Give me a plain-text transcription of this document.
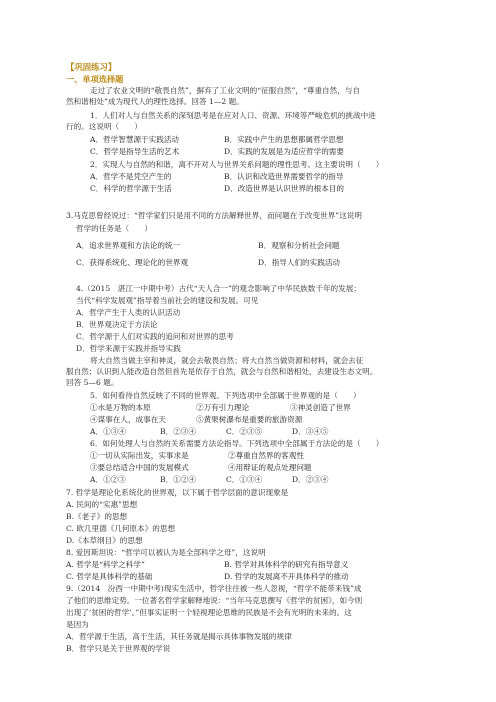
【巩固练习】
一、单项选择题
走过了农业文明的“敬畏自然”，摒弃了工业文明的“征服自然”，“尊重自然，与自
然和谐相处”成为现代人的理性选择。回答 1—2 题。
1．人们对人与自然关系的深刻思考是在应对人口、资源、环境等严峻危机的挑战中进
行的。这说明（　　）
A．哲学智慧源于实践活动	B．实践中产生的思想都属哲学思想
C．哲学是指导生活的艺术	D．实践的发展是为适应哲学的需要
2．实现人与自然的和谐，离不开对人与世界关系问题的理性思考。这主要说明（　　）
A．哲学不是凭空产生的	B．认识和改造世界需要哲学的指导
C．科学的哲学源于生活	D．改造世界是认识世界的根本目的
3.马克思曾经说过：“哲学家们只是用不同的方法解释世界，而问题在于改变世界”这说明
哲学的任务是（　　）
A．追求世界观和方法论的统一	B．观察和分析社会问题
C．获得系统化、理论化的世界观	D．指导人们的实践活动
4.（2015　湛江一中期中考）古代“天人合一”的观念影响了中华民族数千年的发展；
当代“科学发展观”指导着当前社会的建设和发展。可见
A．哲学产生于人类的认识活动
B．世界观决定于方法论
C．哲学源于人们对实践的追问和对世界的思考
D．哲学来源于实践并指导实践
将大自然当做主宰和神灵，就会去敬畏自然；将大自然当做资源和材料，就会去征
服自然；认识到人能改造自然但首先是依存于自然，就会与自然和谐相处，去建设生态文明。
回答 5—6 题。
5．如何看待自然反映了不同的世界观。下列选项中全部属于世界观的是（　　）
①水是万物的本原	②万有引力理论	③神灵创造了世界
④谋事在人，成事在天	⑤黄果树瀑布是重要的旅游资源
A．①③④	B．②③④	C．②③⑤	D．③④⑤
6．如何处理人与自然的关系需要方法论指导。下列选项中全部属于方法论的是（　　）
①一切从实际出发，实事求是	②尊重自然界的客观性
③要总结适合中国的发展模式	④用辩证的观点处理问题
A．①②③	B．①②④	C．①③④	D．②③④
7. 哲学是理论化系统化的世界观，以下属于哲学层面的意识现象是
A. 民间的“实惠”思想
B.《老子》的思想
C. 欧几里德《几何原本》的思想
D.《本草纲目》的思想
8. 爱因斯坦说：“哲学可以被认为是全部科学之母”，这说明
A. 哲学是“科学之科学”	B. 哲学对具体科学的研究有指导意义
C. 哲学是具体科学的基础	D. 哲学的发展离不开具体科学的推动
9.（2014　汾西一中期中考)现实生活中，哲学往往被一些人忽视，“哲学不能带来钱”成
了他们的思维定势。一位著名哲学家解释地说：“当年马克思撰写《哲学的贫困》，如今则
出现了‘贫困的哲学’。”但事实证明一个轻视理论思维的民族是不会有光明的未来的。这
是因为
A．哲学源于生活，高于生活，其任务就是揭示具体事物发展的规律
B．哲学只是关于世界观的学说
